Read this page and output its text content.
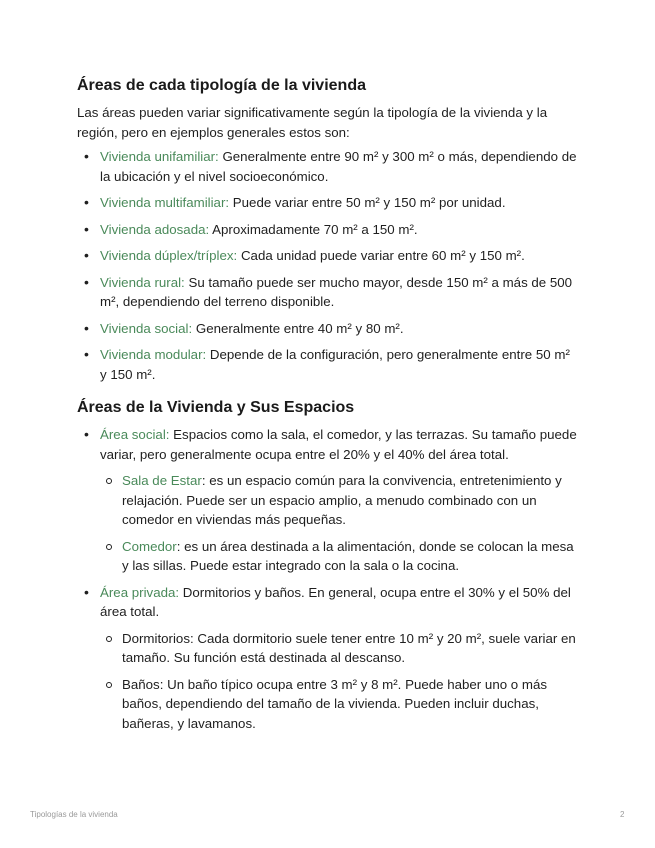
Áreas de cada tipología de la vivienda

Las áreas pueden variar significativamente según la tipología de la vivienda y la región, pero en ejemplos generales estos son:

• Vivienda unifamiliar: Generalmente entre 90 m² y 300 m² o más, dependiendo de la ubicación y el nivel socioeconómico.
• Vivienda multifamiliar: Puede variar entre 50 m² y 150 m² por unidad.
• Vivienda adosada: Aproximadamente 70 m² a 150 m².
• Vivienda dúplex/tríplex: Cada unidad puede variar entre 60 m² y 150 m².
• Vivienda rural: Su tamaño puede ser mucho mayor, desde 150 m² a más de 500 m², dependiendo del terreno disponible.
• Vivienda social: Generalmente entre 40 m² y 80 m².
• Vivienda modular: Depende de la configuración, pero generalmente entre 50 m² y 150 m².
Áreas de la Vivienda y Sus Espacios
• Área social: Espacios como la sala, el comedor, y las terrazas. Su tamaño puede variar, pero generalmente ocupa entre el 20% y el 40% del área total.
Sala de Estar: es un espacio común para la convivencia, entretenimiento y relajación. Puede ser un espacio amplio, a menudo combinado con un comedor en viviendas más pequeñas.
Comedor: es un área destinada a la alimentación, donde se colocan la mesa y las sillas. Puede estar integrado con la sala o la cocina.
• Área privada: Dormitorios y baños. En general, ocupa entre el 30% y el 50% del área total.
Dormitorios: Cada dormitorio suele tener entre 10 m² y 20 m², suele variar en tamaño. Su función está destinada al descanso.
Baños: Un baño típico ocupa entre 3 m² y 8 m². Puede haber uno o más baños, dependiendo del tamaño de la vivienda. Pueden incluir duchas, bañeras, y lavamanos.
Tipologías de la vivienda	2
